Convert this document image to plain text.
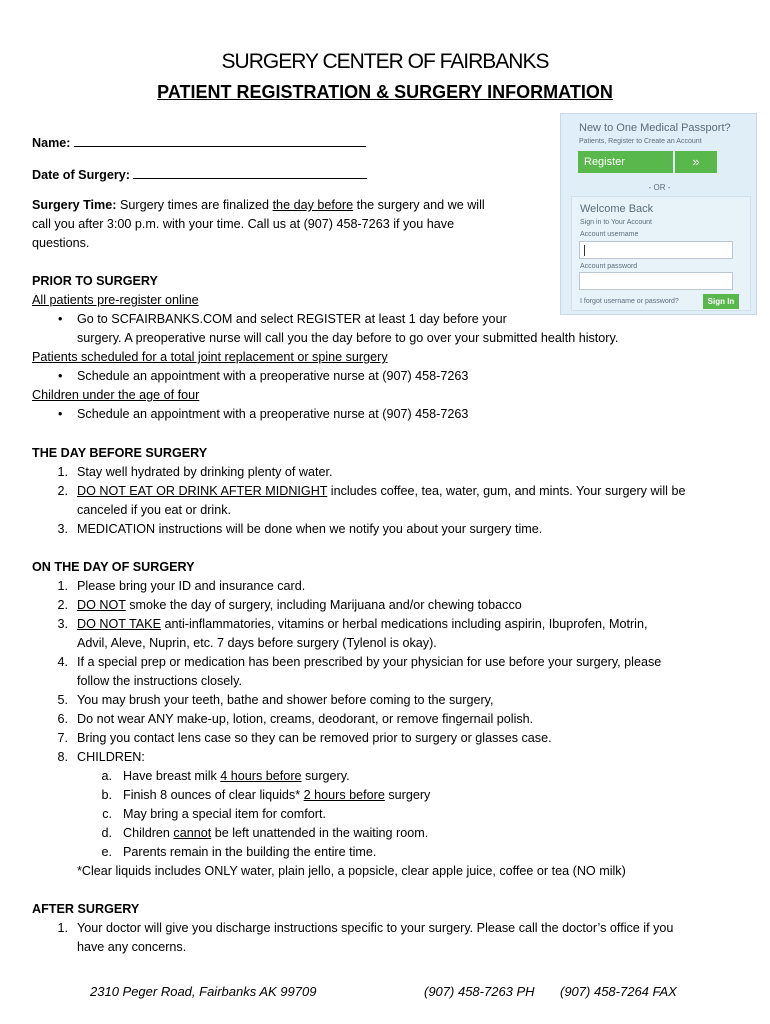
SURGERY CENTER OF FAIRBANKS
PATIENT REGISTRATION & SURGERY INFORMATION
Name:
Date of Surgery:
Surgery Time: Surgery times are finalized the day before the surgery and we will
call you after 3:00 p.m. with your time. Call us at (907) 458-7263 if you have
questions.
New to One Medical Passport?
Patients, Register to Create an Account
Register	»
- OR -
Welcome Back
Sign in to Your Account
Account username
Account password
I forgot username or password?	Sign In
PRIOR TO SURGERY
All patients pre-register online
• Go to SCFAIRBANKS.COM and select REGISTER at least 1 day before your
surgery. A preoperative nurse will call you the day before to go over your submitted health history.
Patients scheduled for a total joint replacement or spine surgery
• Schedule an appointment with a preoperative nurse at (907) 458-7263
Children under the age of four
• Schedule an appointment with a preoperative nurse at (907) 458-7263
THE DAY BEFORE SURGERY
1. Stay well hydrated by drinking plenty of water.
2. DO NOT EAT OR DRINK AFTER MIDNIGHT includes coffee, tea, water, gum, and mints. Your surgery will be
canceled if you eat or drink.
3. MEDICATION instructions will be done when we notify you about your surgery time.
ON THE DAY OF SURGERY
1. Please bring your ID and insurance card.
2. DO NOT smoke the day of surgery, including Marijuana and/or chewing tobacco
3. DO NOT TAKE anti-inflammatories, vitamins or herbal medications including aspirin, Ibuprofen, Motrin,
Advil, Aleve, Nuprin, etc. 7 days before surgery (Tylenol is okay).
4. If a special prep or medication has been prescribed by your physician for use before your surgery, please
follow the instructions closely.
5. You may brush your teeth, bathe and shower before coming to the surgery,
6. Do not wear ANY make-up, lotion, creams, deodorant, or remove fingernail polish.
7. Bring you contact lens case so they can be removed prior to surgery or glasses case.
8. CHILDREN:
a. Have breast milk 4 hours before surgery.
b. Finish 8 ounces of clear liquids* 2 hours before surgery
c. May bring a special item for comfort.
d. Children cannot be left unattended in the waiting room.
e. Parents remain in the building the entire time.
*Clear liquids includes ONLY water, plain jello, a popsicle, clear apple juice, coffee or tea (NO milk)
AFTER SURGERY
1. Your doctor will give you discharge instructions specific to your surgery. Please call the doctor’s office if you
have any concerns.
2310 Peger Road, Fairbanks AK 99709	(907) 458-7263 PH (907) 458-7264 FAX
